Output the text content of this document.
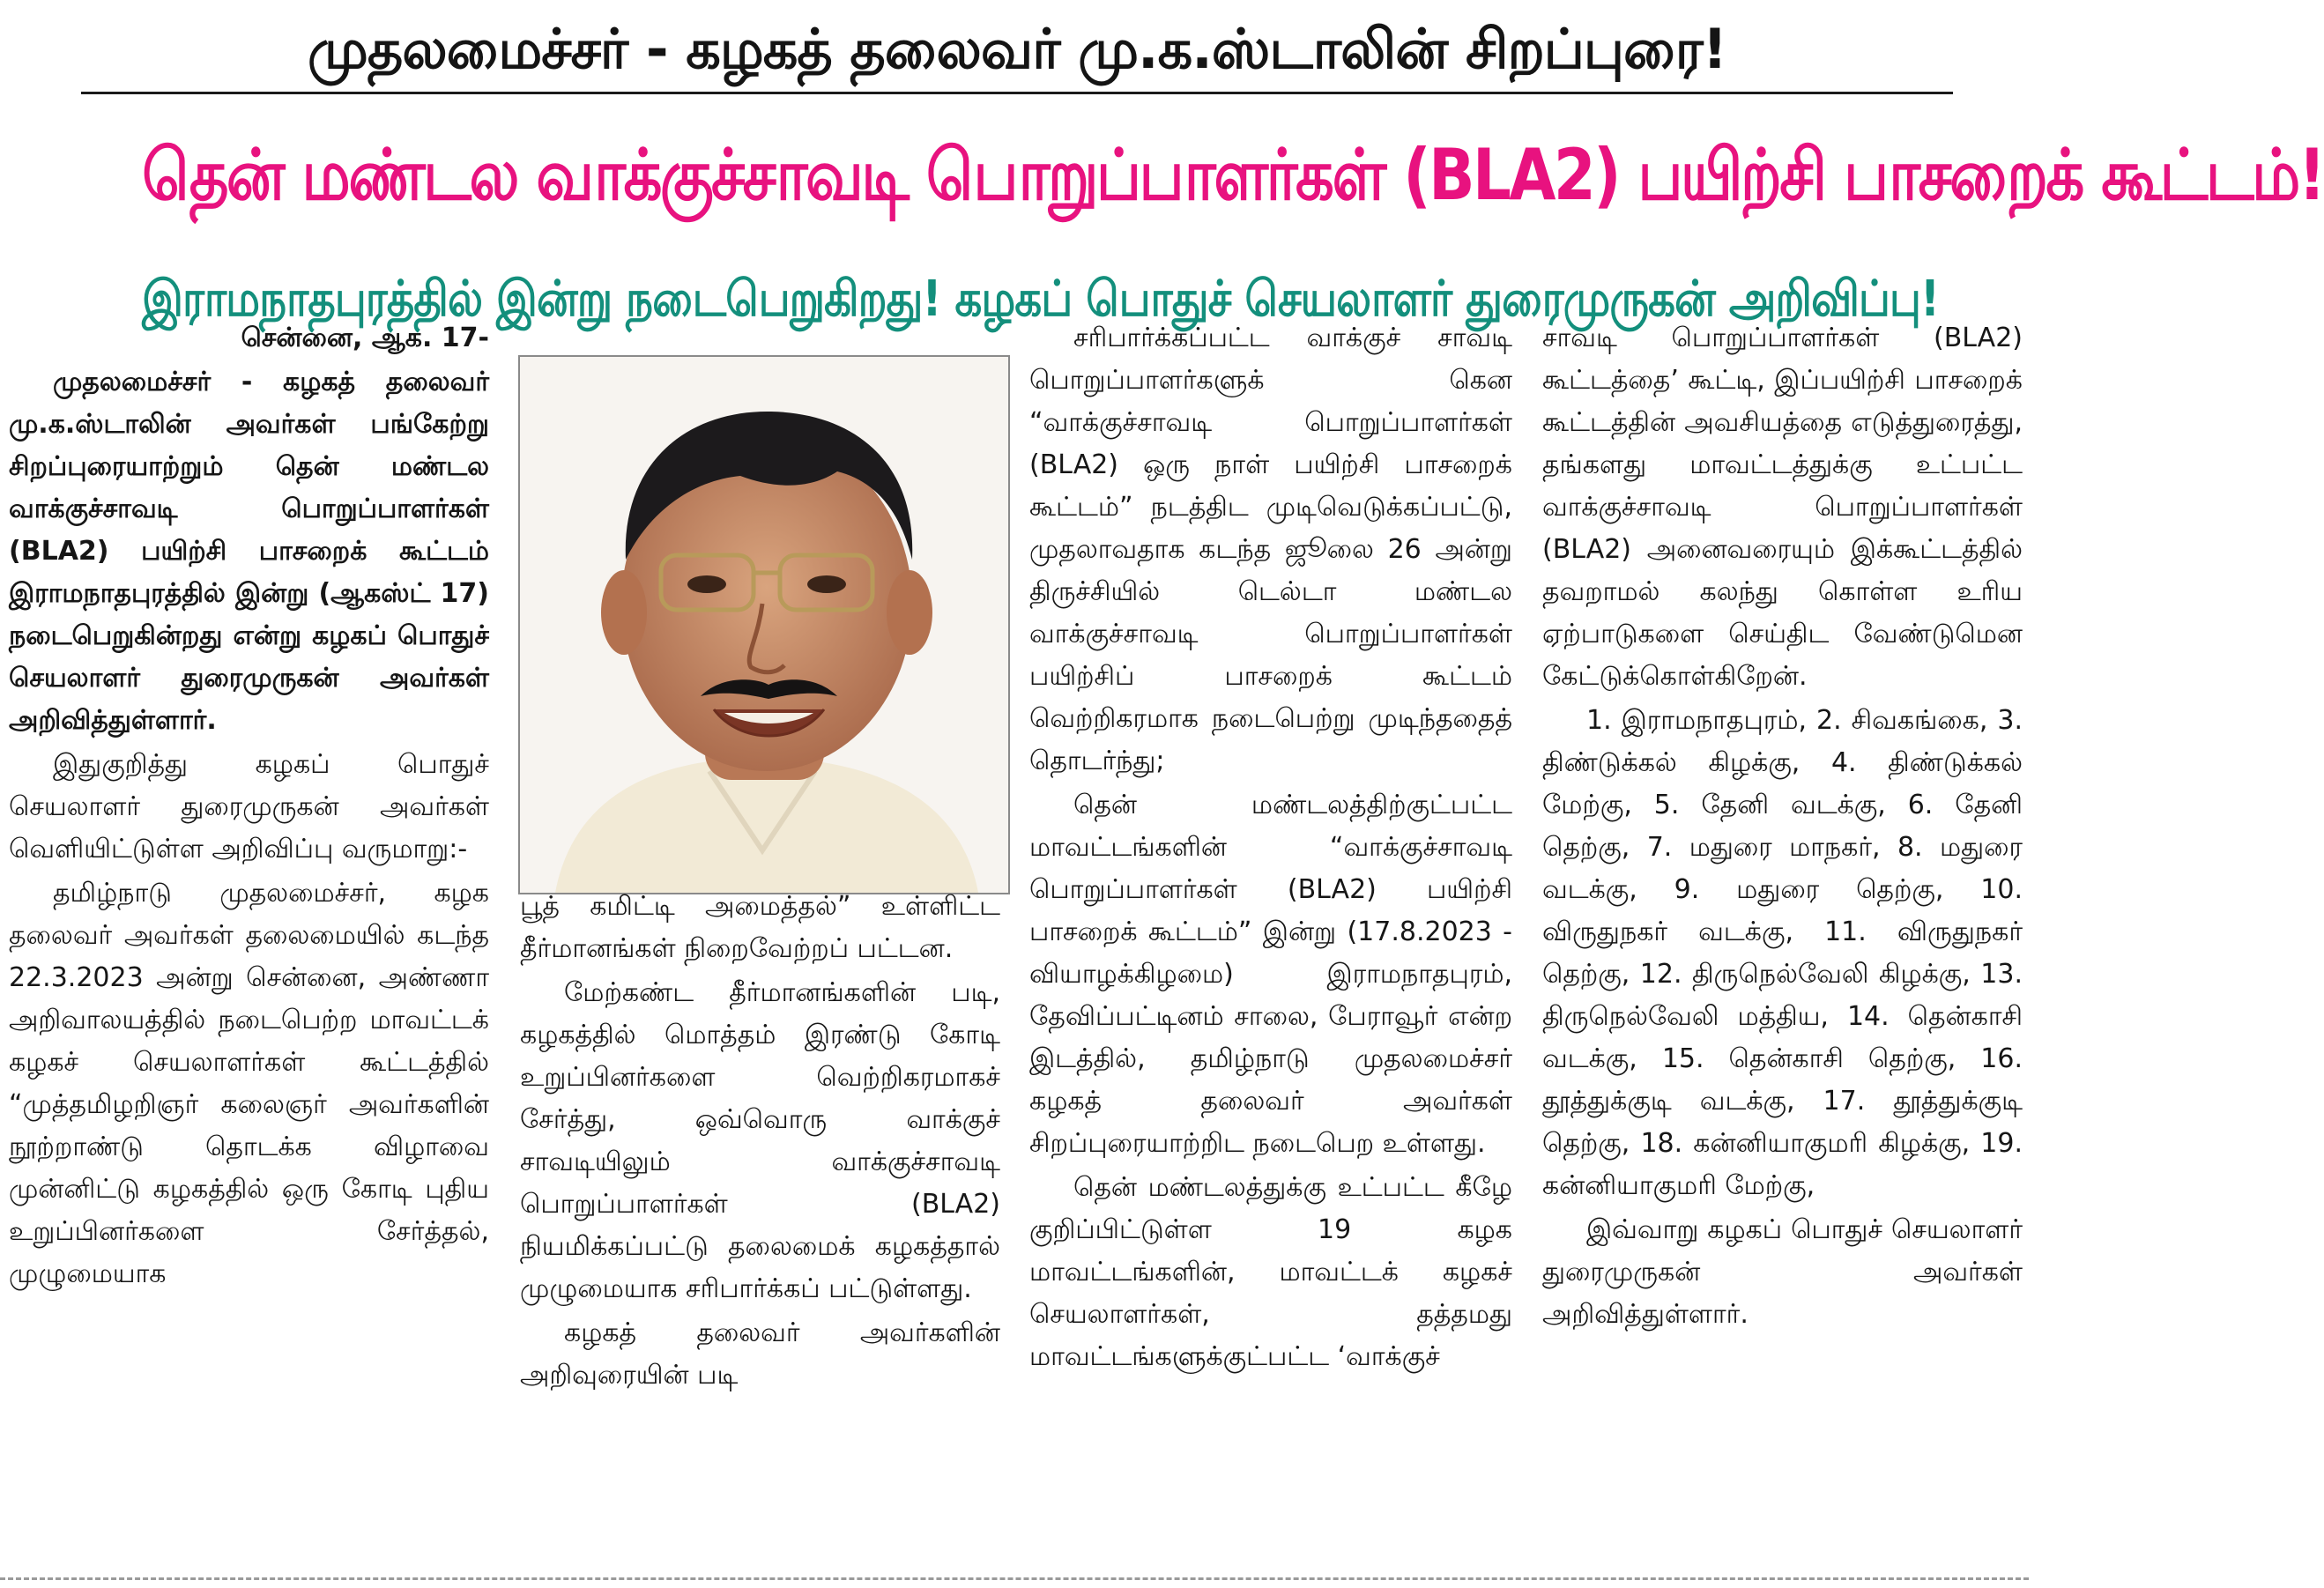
முதலமைச்சர் - கழகத் தலைவர் மு.க.ஸ்டாலின் சிறப்புரை!
தென் மண்டல வாக்குச்சாவடி பொறுப்பாளர்கள் (BLA2) பயிற்சி பாசறைக் கூட்டம்!
இராமநாதபுரத்தில் இன்று நடைபெறுகிறது! கழகப் பொதுச் செயலாளர் துரைமுருகன் அறிவிப்பு!
சென்னை, ஆக. 17-

முதலமைச்சர் - கழகத் தலைவர் மு.க.ஸ்டாலின் அவர்கள் பங்கேற்று சிறப்புரையாற்றும் தென் மண்டல வாக்குச்சாவடி பொறுப்பாளர்கள் (BLA2) பயிற்சி பாசறைக் கூட்டம் இராமநாதபுரத்தில் இன்று (ஆகஸ்ட் 17) நடைபெறுகின்றது என்று கழகப் பொதுச் செயலாளர் துரைமுருகன் அவர்கள் அறிவித்துள்ளார்.

இதுகுறித்து கழகப் பொதுச் செயலாளர் துரைமுருகன் அவர்கள் வெளியிட்டுள்ள அறிவிப்பு வருமாறு:-

தமிழ்நாடு முதலமைச்சர், கழக தலைவர் அவர்கள் தலைமையில் கடந்த 22.3.2023 அன்று சென்னை, அண்ணா அறிவாலயத்தில் நடைபெற்ற மாவட்டக் கழகச் செயலாளர்கள் கூட்டத்தில் “முத்தமிழறிஞர் கலைஞர் அவர்களின் நூற்றாண்டு தொடக்க விழாவை முன்னிட்டு கழகத்தில் ஒரு கோடி புதிய உறுப்பினர்களை சேர்த்தல், முழுமையாக

பூத் கமிட்டி அமைத்தல்” உள்ளிட்ட தீர்மானங்கள் நிறைவேற்றப் பட்டன.

மேற்கண்ட தீர்மானங்களின் படி, கழகத்தில் மொத்தம் இரண்டு கோடி உறுப்பினர்களை வெற்றிகரமாகச் சேர்த்து, ஒவ்வொரு வாக்குச் சாவடியிலும் வாக்குச்சாவடி பொறுப்பாளர்கள் (BLA2) நியமிக்கப்பட்டு தலைமைக் கழகத்தால் முழுமையாக சரிபார்க்கப் பட்டுள்ளது.

கழகத் தலைவர் அவர்களின் அறிவுரையின் படி

சரிபார்க்கப்பட்ட வாக்குச் சாவடி பொறுப்பாளர்களுக் கென “வாக்குச்சாவடி பொறுப்பாளர்கள் (BLA2) ஒரு நாள் பயிற்சி பாசறைக் கூட்டம்” நடத்திட முடிவெடுக்கப்பட்டு, முதலாவதாக கடந்த ஜூலை 26 அன்று திருச்சியில் டெல்டா மண்டல வாக்குச்சாவடி பொறுப்பாளர்கள் பயிற்சிப் பாசறைக் கூட்டம் வெற்றிகரமாக நடைபெற்று முடிந்ததைத் தொடர்ந்து;

தென் மண்டலத்திற்குட்பட்ட மாவட்டங்களின் “வாக்குச்சாவடி பொறுப்பாளர்கள் (BLA2) பயிற்சி பாசறைக் கூட்டம்” இன்று (17.8.2023 - வியாழக்கிழமை) இராமநாதபுரம், தேவிப்பட்டினம் சாலை, பேராவூர் என்ற இடத்தில், தமிழ்நாடு முதலமைச்சர் கழகத் தலைவர் அவர்கள் சிறப்புரையாற்றிட நடைபெற உள்ளது.

தென் மண்டலத்துக்கு உட்பட்ட கீழே குறிப்பிட்டுள்ள 19 கழக மாவட்டங்களின், மாவட்டக் கழகச் செயலாளர்கள், தத்தமது மாவட்டங்களுக்குட்பட்ட ‘வாக்குச்

சாவடி பொறுப்பாளர்கள் (BLA2) கூட்டத்தை’ கூட்டி, இப்பயிற்சி பாசறைக் கூட்டத்தின் அவசியத்தை எடுத்துரைத்து, தங்களது மாவட்டத்துக்கு உட்பட்ட வாக்குச்சாவடி பொறுப்பாளர்கள் (BLA2) அனைவரையும் இக்கூட்டத்தில் தவறாமல் கலந்து கொள்ள உரிய ஏற்பாடுகளை செய்திட வேண்டுமென கேட்டுக்கொள்கிறேன்.

1. இராமநாதபுரம், 2. சிவகங்கை, 3. திண்டுக்கல் கிழக்கு, 4. திண்டுக்கல் மேற்கு, 5. தேனி வடக்கு, 6. தேனி தெற்கு, 7. மதுரை மாநகர், 8. மதுரை வடக்கு, 9. மதுரை தெற்கு, 10. விருதுநகர் வடக்கு, 11. விருதுநகர் தெற்கு, 12. திருநெல்வேலி கிழக்கு, 13. திருநெல்வேலி மத்திய, 14. தென்காசி வடக்கு, 15. தென்காசி தெற்கு, 16. தூத்துக்குடி வடக்கு, 17. தூத்துக்குடி தெற்கு, 18. கன்னியாகுமரி கிழக்கு, 19. கன்னியாகுமரி மேற்கு,

இவ்வாறு கழகப் பொதுச் செயலாளர் துரைமுருகன் அவர்கள் அறிவித்துள்ளார்.
